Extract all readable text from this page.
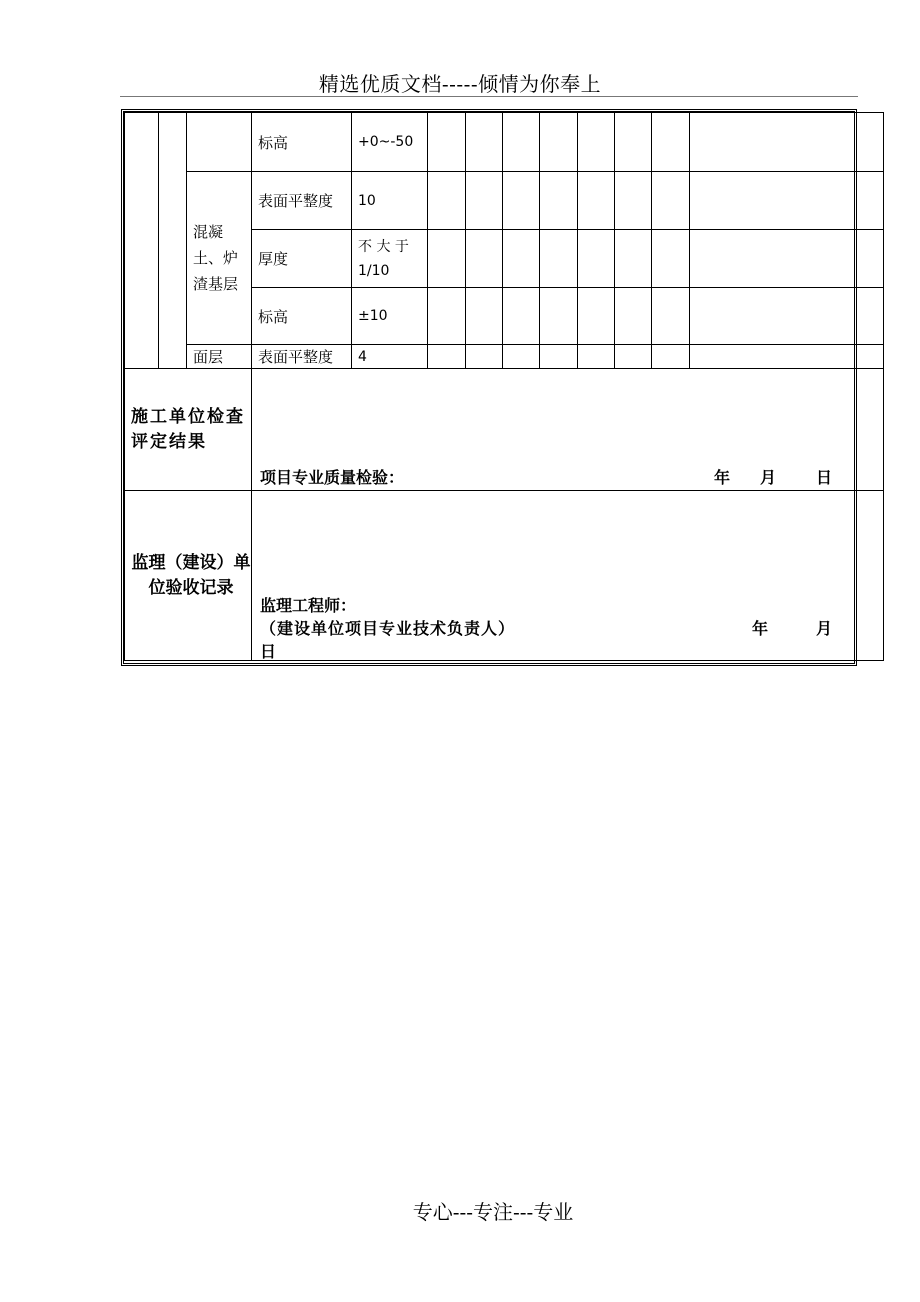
精选优质文档-----倾情为你奉上
			标高	+0~-50								
		混凝土、炉渣基层	表面平整度	10								
			厚度	不 大 于 1/10								
			标高	±10								
		面层	表面平整度	4								
施工单位检查评定结果			项目专业质量检验： 年 月 日									

监理（建设）单位验收记录			监理工程师：
（建设单位项目专业技术负责人） 年 月
日									
专心---专注---专业
